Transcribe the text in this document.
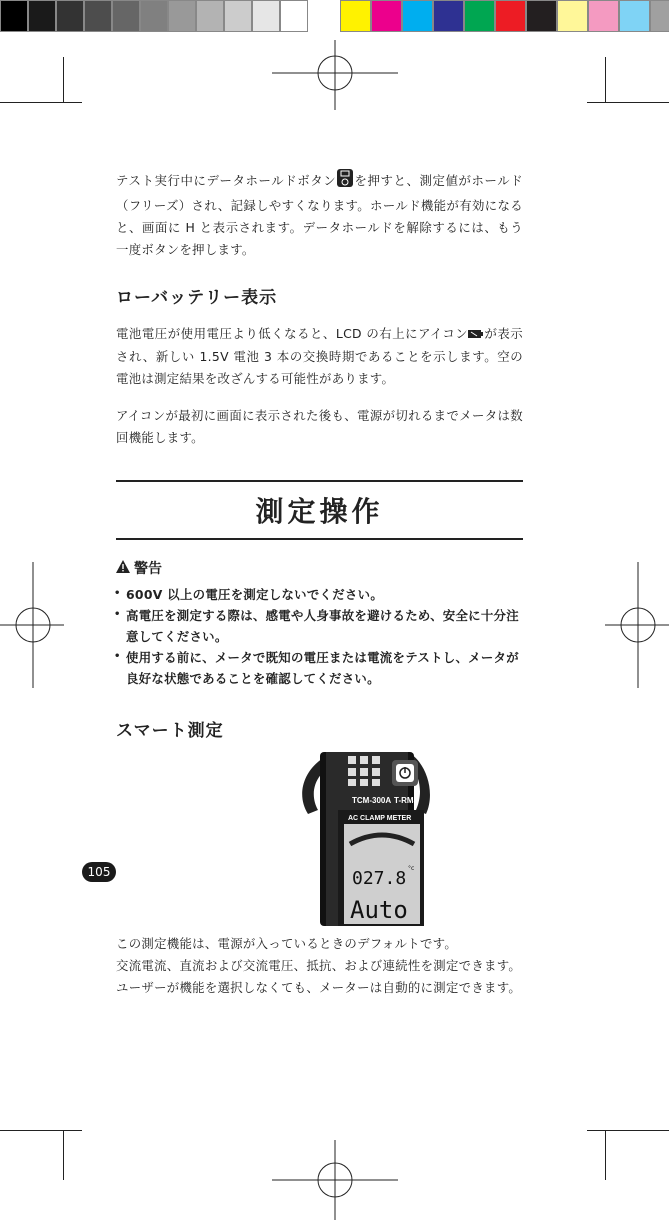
テスト実行中にデータホールドボタン を押すと、測定値がホールド（フリーズ）され、記録しやすくなります。ホールド機能が有効になると、画面に H と表示されます。データホールドを解除するには、もう一度ボタンを押します。

ローバッテリー表示

電池電圧が使用電圧より低くなると、LCD の右上にアイコン が表示され、新しい 1.5V 電池 3 本の交換時期であることを示します。空の電池は測定結果を改ざんする可能性があります。

アイコンが最初に画面に表示された後も、電源が切れるまでメータは数回機能します。

測定操作
警告
• 600V 以上の電圧を測定しないでください。
• 高電圧を測定する際は、感電や人身事故を避けるため、安全に十分注意してください。
• 使用する前に、メータで既知の電圧または電流をテストし、メータが良好な状態であることを確認してください。
スマート測定
105
TCM-300A T-RMS
AC CLAMP METER
027.8 °c
Auto

この測定機能は、電源が入っているときのデフォルトです。

交流電流、直流および交流電圧、抵抗、および連続性を測定できます。

ユーザーが機能を選択しなくても、メーターは自動的に測定できます。
